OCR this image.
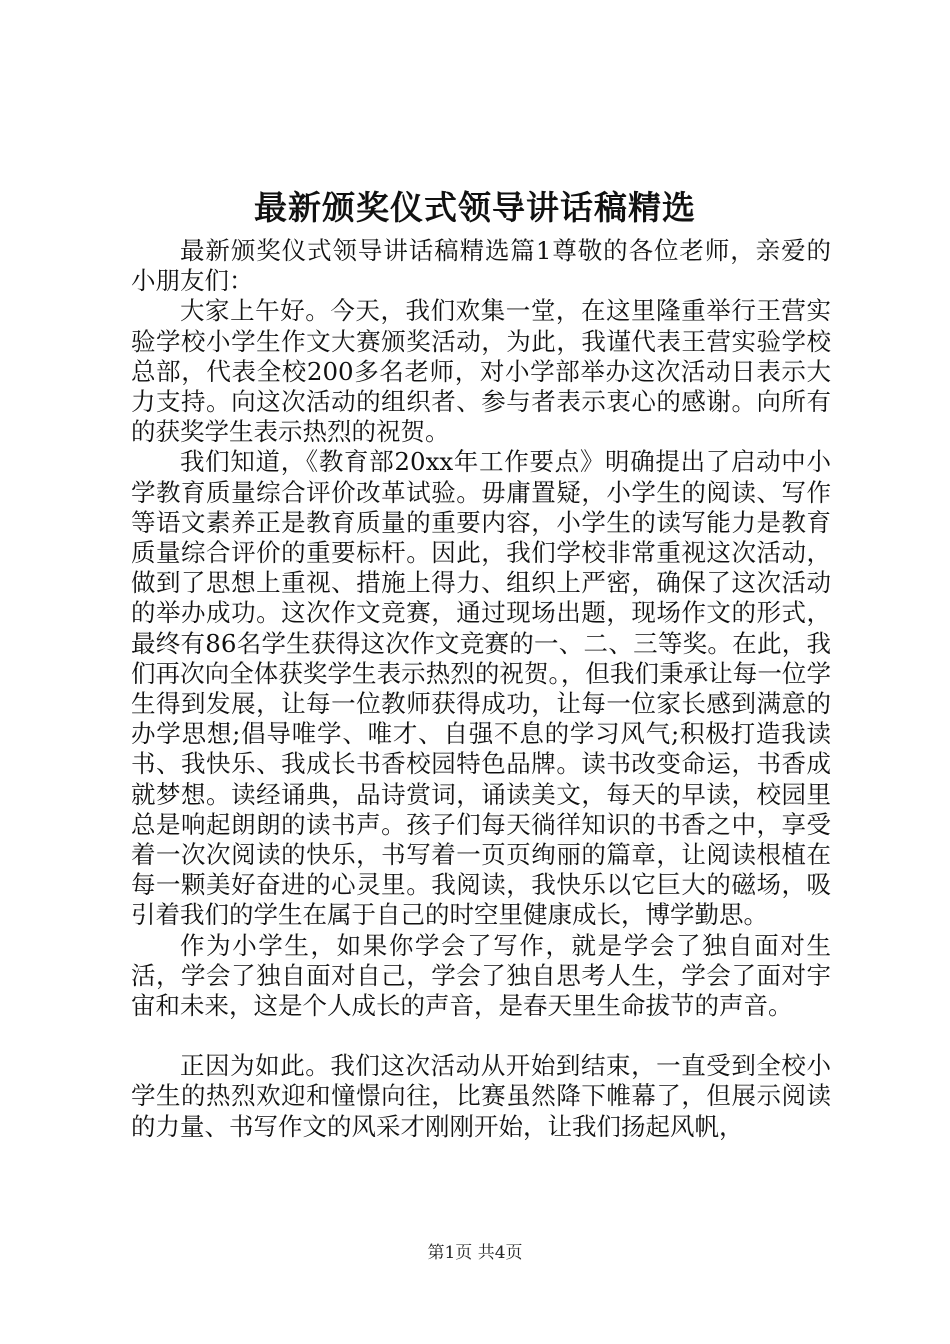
最新颁奖仪式领导讲话稿精选

最新颁奖仪式领导讲话稿精选篇1尊敬的各位老师，亲爱的小朋友们：

大家上午好。今天，我们欢集一堂，在这里隆重举行王营实验学校小学生作文大赛颁奖活动，为此，我谨代表王营实验学校总部，代表全校200多名老师，对小学部举办这次活动日表示大力支持。向这次活动的组织者、参与者表示衷心的感谢。向所有的获奖学生表示热烈的祝贺。

我们知道，《教育部20xx年工作要点》明确提出了启动中小学教育质量综合评价改革试验。毋庸置疑，小学生的阅读、写作等语文素养正是教育质量的重要内容，小学生的读写能力是教育质量综合评价的重要标杆。因此，我们学校非常重视这次活动，做到了思想上重视、措施上得力、组织上严密，确保了这次活动的举办成功。这次作文竞赛，通过现场出题，现场作文的形式，最终有86名学生获得这次作文竞赛的一、二、三等奖。在此，我们再次向全体获奖学生表示热烈的祝贺。，但我们秉承让每一位学生得到发展，让每一位教师获得成功，让每一位家长感到满意的办学思想;倡导唯学、唯才、自强不息的学习风气;积极打造我读书、我快乐、我成长书香校园特色品牌。读书改变命运，书香成就梦想。读经诵典，品诗赏词，诵读美文，每天的早读，校园里总是响起朗朗的读书声。孩子们每天徜徉知识的书香之中，享受着一次次阅读的快乐，书写着一页页绚丽的篇章，让阅读根植在每一颗美好奋进的心灵里。我阅读，我快乐以它巨大的磁场，吸引着我们的学生在属于自己的时空里健康成长，博学勤思。

作为小学生，如果你学会了写作，就是学会了独自面对生活，学会了独自面对自己，学会了独自思考人生，学会了面对宇宙和未来，这是个人成长的声音，是春天里生命拔节的声音。

正因为如此。我们这次活动从开始到结束，一直受到全校小学生的热烈欢迎和憧憬向往，比赛虽然降下帷幕了，但展示阅读的力量、书写作文的风采才刚刚开始，让我们扬起风帆，

第1页 共4页
